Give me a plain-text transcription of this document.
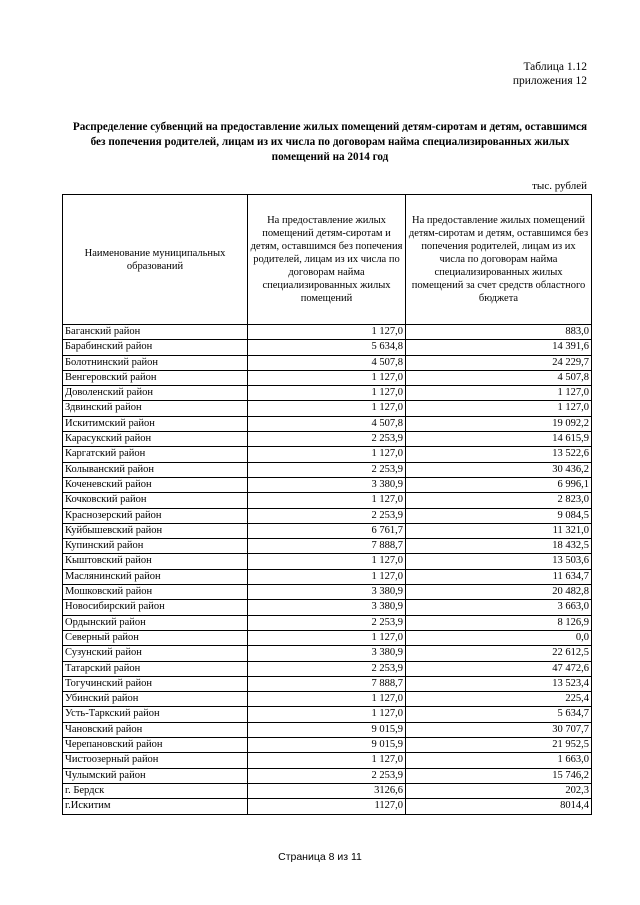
Таблица 1.12
приложения 12
Распределение субвенций на предоставление жилых помещений детям-сиротам и детям, оставшимся без попечения родителей, лицам из их числа по договорам найма специализированных жилых помещений на 2014 год
тыс. рублей
Наименование муниципальных образований	На предоставление жилых помещений детям-сиротам и детям, оставшимся без попечения родителей, лицам из их числа по договорам найма специализированных жилых помещений	На предоставление жилых помещений детям-сиротам и детям, оставшимся без попечения родителей, лицам из их числа по договорам найма специализированных жилых помещений за счет средств областного бюджета
Баганский район	1 127,0	883,0
Барабинский район	5 634,8	14 391,6
Болотнинский район	4 507,8	24 229,7
Венгеровский район	1 127,0	4 507,8
Доволенский район	1 127,0	1 127,0
Здвинский район	1 127,0	1 127,0
Искитимский район	4 507,8	19 092,2
Карасукский район	2 253,9	14 615,9
Каргатский район	1 127,0	13 522,6
Колыванский район	2 253,9	30 436,2
Коченевский район	3 380,9	6 996,1
Кочковский район	1 127,0	2 823,0
Краснозерский район	2 253,9	9 084,5
Куйбышевский район	6 761,7	11 321,0
Купинский район	7 888,7	18 432,5
Кыштовский район	1 127,0	13 503,6
Маслянинский район	1 127,0	11 634,7
Мошковский район	3 380,9	20 482,8
Новосибирский район	3 380,9	3 663,0
Ордынский район	2 253,9	8 126,9
Северный район	1 127,0	0,0
Сузунский район	3 380,9	22 612,5
Татарский район	2 253,9	47 472,6
Тогучинский район	7 888,7	13 523,4
Убинский район	1 127,0	225,4
Усть-Таркский район	1 127,0	5 634,7
Чановский район	9 015,9	30 707,7
Черепановский район	9 015,9	21 952,5
Чистоозерный район	1 127,0	1 663,0
Чулымский район	2 253,9	15 746,2
г. Бердск	3126,6	202,3
г.Искитим	1127,0	8014,4
Страница 8 из 11
